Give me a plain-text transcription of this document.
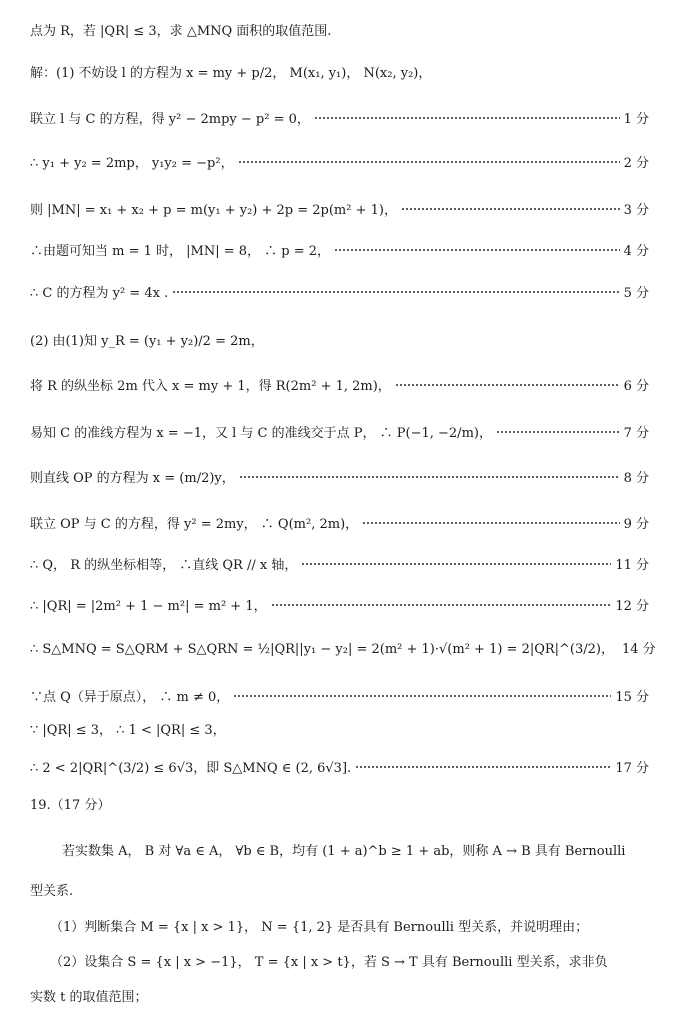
点为 R，若 |QR| ≤ 3，求 △MNQ 面积的取值范围.
解：(1) 不妨设 l 的方程为 x = my + p/2， M(x₁, y₁)， N(x₂, y₂)，
联立 l 与 C 的方程，得 y² − 2mpy − p² = 0，	1 分
∴ y₁ + y₂ = 2mp， y₁y₂ = −p²，	2 分
则 |MN| = x₁ + x₂ + p = m(y₁ + y₂) + 2p = 2p(m² + 1)，	3 分
∴由题可知当 m = 1 时， |MN| = 8， ∴ p = 2，	4 分
∴ C 的方程为 y² = 4x .	5 分
(2) 由(1)知 y_R = (y₁ + y₂)/2 = 2m，
将 R 的纵坐标 2m 代入 x = my + 1，得 R(2m² + 1, 2m)，	6 分
易知 C 的准线方程为 x = −1，又 l 与 C 的准线交于点 P， ∴ P(−1, −2/m)，	7 分
则直线 OP 的方程为 x = (m/2)y，	8 分
联立 OP 与 C 的方程，得 y² = 2my， ∴ Q(m², 2m)，	9 分
∴ Q， R 的纵坐标相等， ∴直线 QR // x 轴，	11 分
∴ |QR| = |2m² + 1 − m²| = m² + 1，	12 分
∴ S△MNQ = S△QRM + S△QRN = ½|QR||y₁ − y₂| = 2(m² + 1)·√(m² + 1) = 2|QR|^(3/2)， 14 分
∵点 Q（异于原点）， ∴ m ≠ 0，	15 分
∵ |QR| ≤ 3， ∴ 1 < |QR| ≤ 3，
∴ 2 < 2|QR|^(3/2) ≤ 6√3，即 S△MNQ ∈ (2, 6√3].	17 分
19.（17 分）
若实数集 A， B 对 ∀a ∈ A， ∀b ∈ B，均有 (1 + a)^b ≥ 1 + ab，则称 A → B 具有 Bernoulli
型关系.
（1）判断集合 M = {x | x > 1}， N = {1, 2} 是否具有 Bernoulli 型关系，并说明理由；
（2）设集合 S = {x | x > −1}， T = {x | x > t}，若 S → T 具有 Bernoulli 型关系，求非负
实数 t 的取值范围；
